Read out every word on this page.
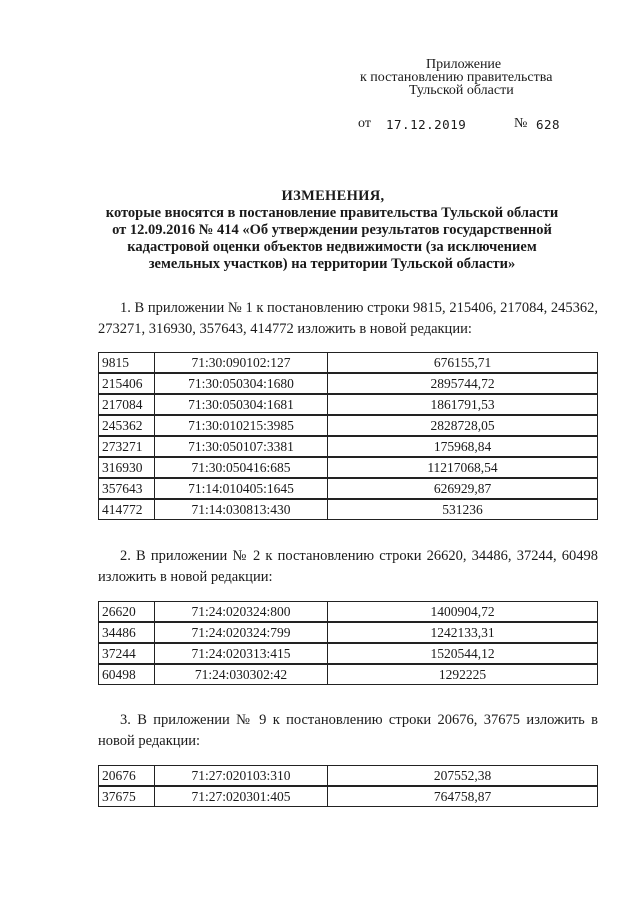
Приложение
к постановлению правительства
Тульской области
от 17.12.2019	№ 628
ИЗМЕНЕНИЯ,
которые вносятся в постановление правительства Тульской области
от 12.09.2016 № 414 «Об утверждении результатов государственной
кадастровой оценки объектов недвижимости (за исключением
земельных участков) на территории Тульской области»
1. В приложении № 1 к постановлению строки 9815, 215406, 217084, 245362, 273271, 316930, 357643, 414772 изложить в новой редакции:
9815	71:30:090102:127	676155,71
215406	71:30:050304:1680	2895744,72
217084	71:30:050304:1681	1861791,53
245362	71:30:010215:3985	2828728,05
273271	71:30:050107:3381	175968,84
316930	71:30:050416:685	11217068,54
357643	71:14:010405:1645	626929,87
414772	71:14:030813:430	531236
2. В приложении № 2 к постановлению строки 26620, 34486, 37244, 60498 изложить в новой редакции:
26620	71:24:020324:800	1400904,72
34486	71:24:020324:799	1242133,31
37244	71:24:020313:415	1520544,12
60498	71:24:030302:42	1292225
3. В приложении № 9 к постановлению строки 20676, 37675 изложить в новой редакции:
20676	71:27:020103:310	207552,38
37675	71:27:020301:405	764758,87
